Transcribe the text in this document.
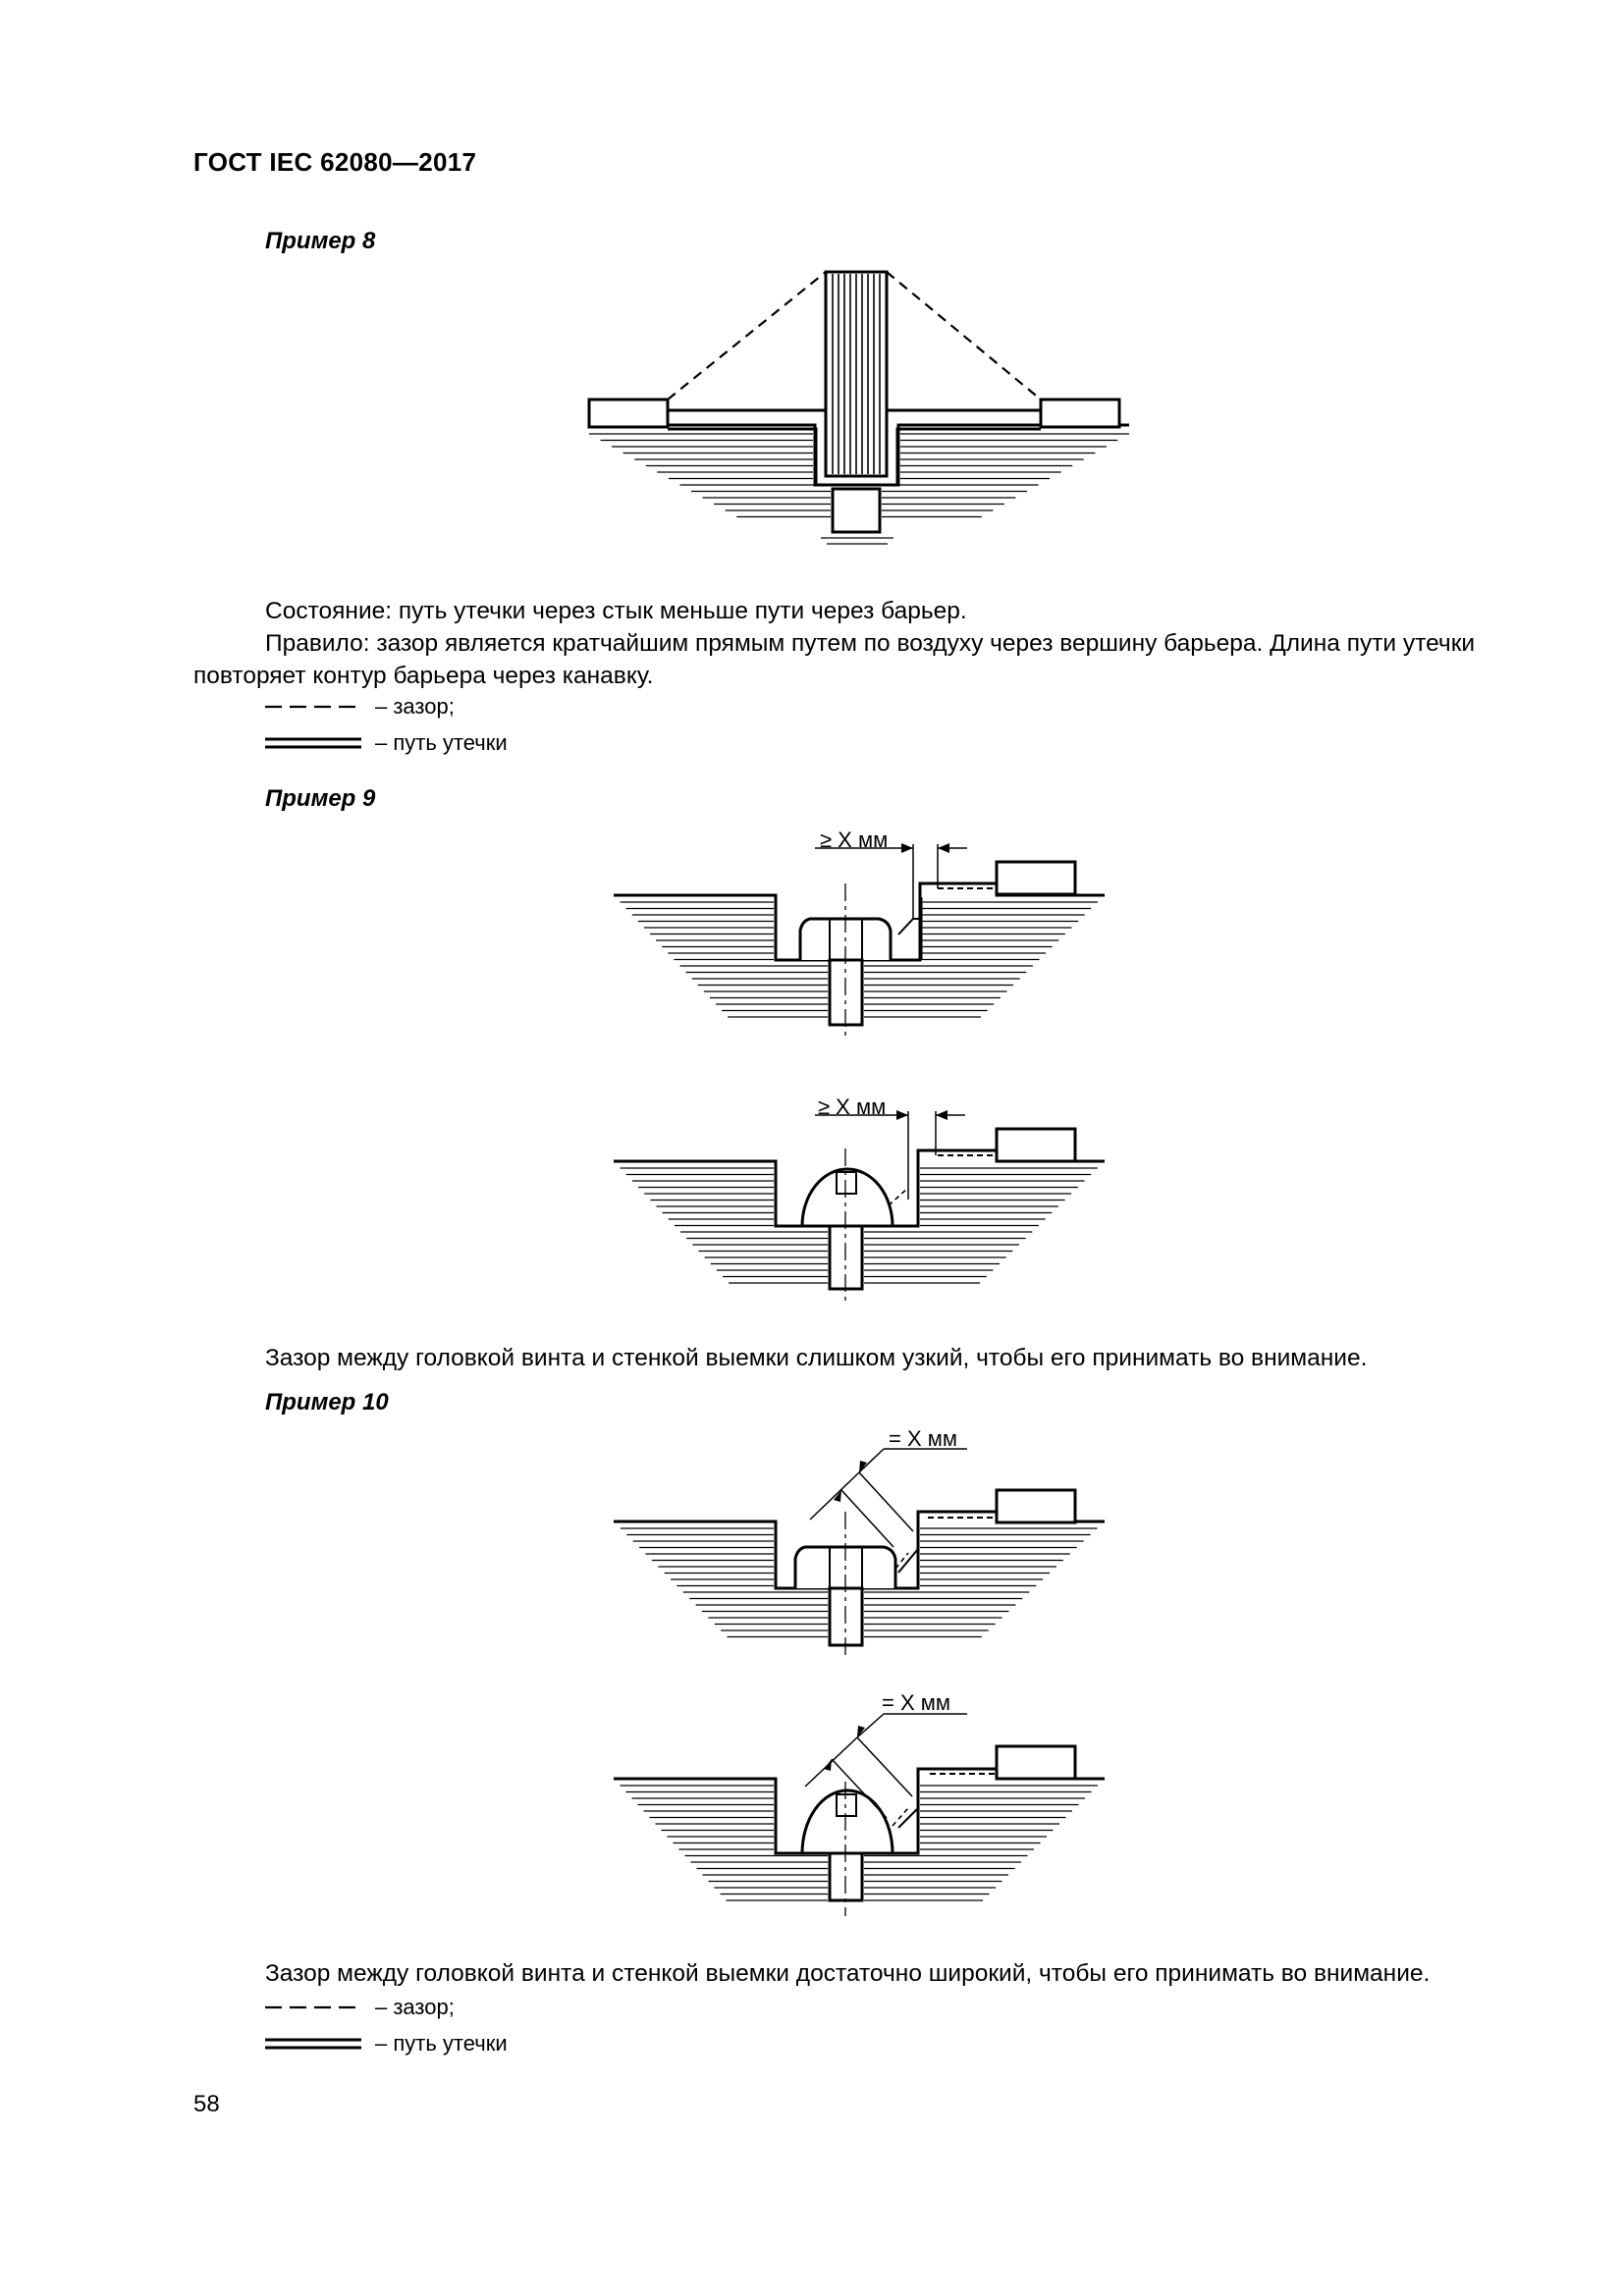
ГОСТ IEC 62080—2017
Пример 8
Состояние: путь утечки через стык меньше пути через барьер.
Правило: зазор является кратчайшим прямым путем по воздуху через вершину барьера. Длина пути утечки
повторяет контур барьера через канавку.
– зазор;
– путь утечки
Пример 9
≥ X мм
≥ X мм
Зазор между головкой винта и стенкой выемки слишком узкий, чтобы его принимать во внимание.
Пример 10
= X мм
= X мм
Зазор между головкой винта и стенкой выемки достаточно широкий, чтобы его принимать во внимание.
– зазор;
– путь утечки
58
